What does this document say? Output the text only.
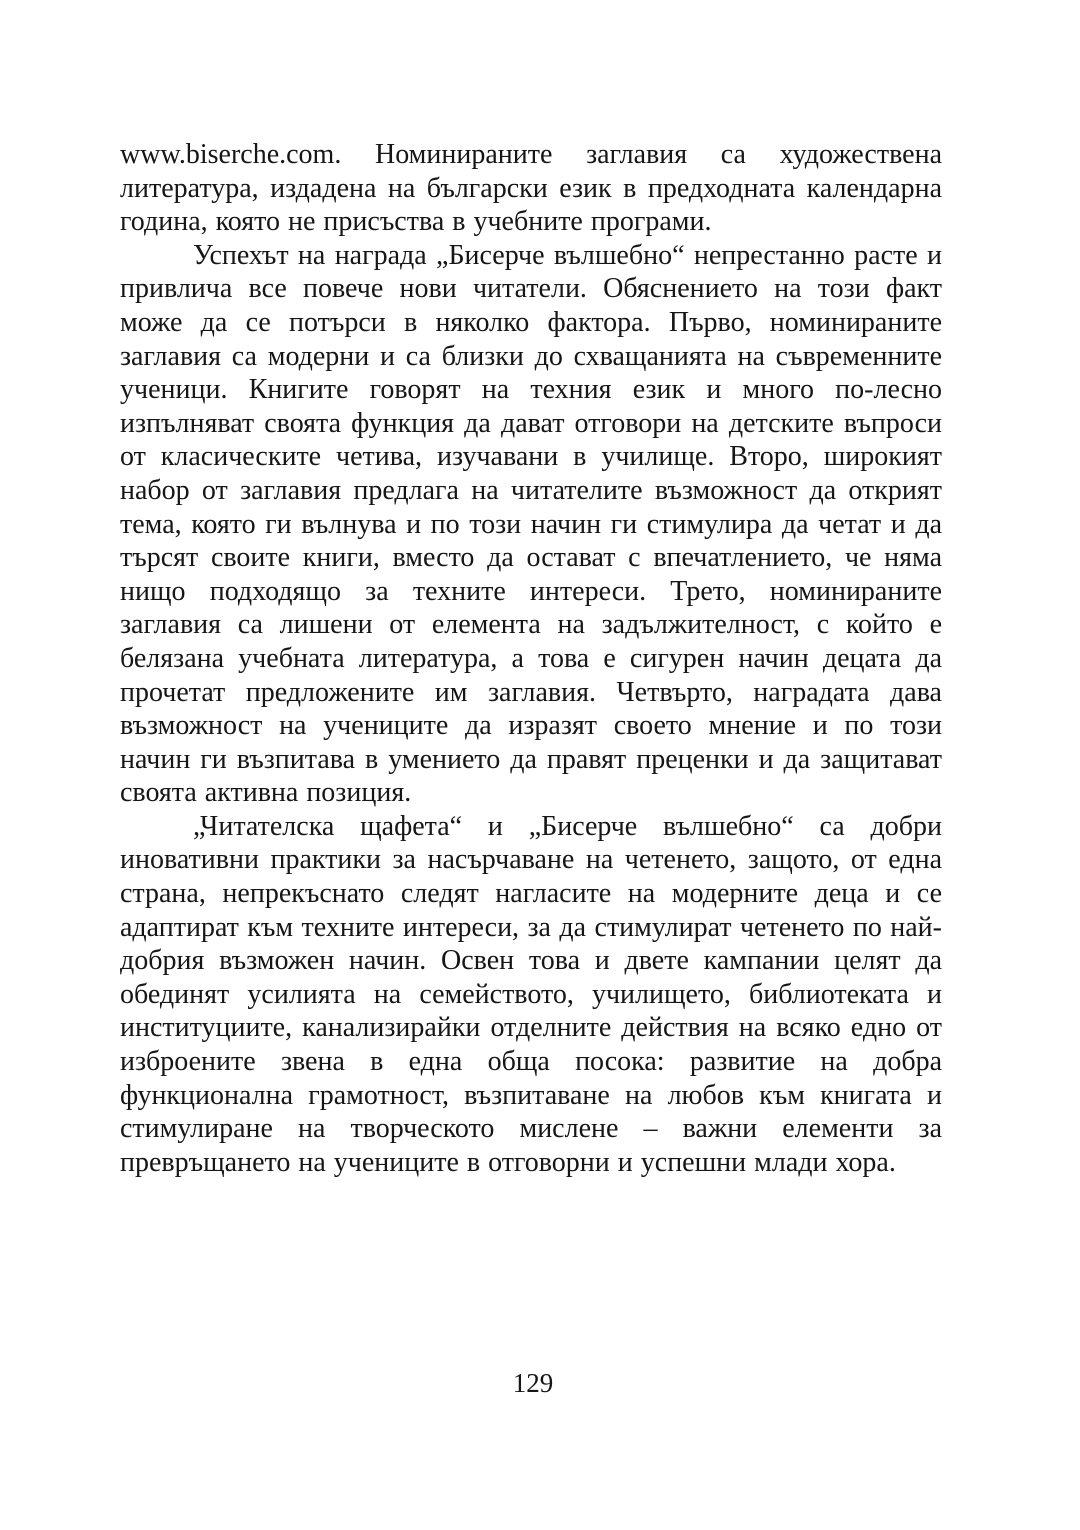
www.biserche.com. Номинираните заглавия са художествена литература, издадена на български език в предходната календарна година, която не присъства в учебните програми.

Успехът на награда „Бисерче вълшебно“ непрестанно расте и привлича все повече нови читатели. Обяснението на този факт може да се потърси в няколко фактора. Първо, номинираните заглавия са модерни и са близки до схващанията на съвременните ученици. Книгите говорят на техния език и много по-лесно изпълняват своята функция да дават отговори на детските въпроси от класическите четива, изучавани в училище. Второ, широкият набор от заглавия предлага на читателите възможност да открият тема, която ги вълнува и по този начин ги стимулира да четат и да търсят своите книги, вместо да остават с впечатлението, че няма нищо подходящо за техните интереси. Трето, номинираните заглавия са лишени от елемента на задължителност, с който е белязана учебната литература, а това е сигурен начин децата да прочетат предложените им заглавия. Четвърто, наградата дава възможност на учениците да изразят своето мнение и по този начин ги възпитава в умението да правят преценки и да защитават своята активна позиция.

„Читателска щафета“ и „Бисерче вълшебно“ са добри иновативни практики за насърчаване на четенето, защото, от една страна, непрекъснато следят нагласите на модерните деца и се адаптират към техните интереси, за да стимулират четенето по най-добрия възможен начин. Освен това и двете кампании целят да обединят усилията на семейството, училището, библиотеката и институциите, канализирайки отделните действия на всяко едно от изброените звена в една обща посока: развитие на добра функционална грамотност, възпитаване на любов към книгата и стимулиране на творческото мислене – важни елементи за превръщането на учениците в отговорни и успешни млади хора.

129
